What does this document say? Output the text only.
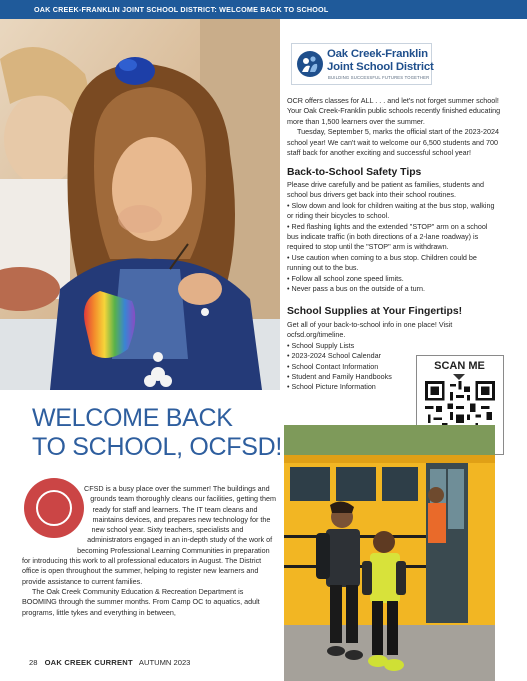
OAK CREEK-FRANKLIN JOINT SCHOOL DISTRICT: WELCOME BACK TO SCHOOL
Oak Creek-Franklin
Joint School District
BUILDING SUCCESSFUL FUTURES TOGETHER

OCR offers classes for ALL . . . and let's not forget summer school! Your Oak Creek-Franklin public schools recently finished educating more than 1,500 learners over the summer.

Tuesday, September 5, marks the official start of the 2023-2024 school year! We can't wait to welcome our 6,500 students and 700 staff back for another exciting and successful school year!

Back-to-School Safety Tips

Please drive carefully and be patient as families, students and school bus drivers get back into their school routines.

• Slow down and look for children waiting at the bus stop, walking or riding their bicycles to school.

• Red flashing lights and the extended "STOP" arm on a school bus indicate traffic (in both directions of a 2-lane roadway) is required to stop until the "STOP" arm is withdrawn.

• Use caution when coming to a bus stop. Children could be running out to the bus.

• Follow all school zone speed limits.

• Never pass a bus on the outside of a turn.

School Supplies at Your Fingertips!

Get all of your back-to-school info in one place! Visit ocfsd.org/timeline.

• School Supply Lists

• 2023-2024 School Calendar

• School Contact Information

• Student and Family Handbooks

• School Picture Information

SCAN ME
WELCOME BACK
TO SCHOOL, OCFSD!

CFSD is a busy place over the summer! The buildings and grounds team thoroughly cleans our facilities, getting them ready for staff and learners. The IT team cleans and maintains devices, and prepares new technology for the new school year. Sixty teachers, specialists and administrators engaged in an in-depth study of the work of becoming Professional Learning Communities in preparation for introducing this work to all professional educators in August. The District office is open throughout the summer, helping to register new learners and provide assistance to current families.

The Oak Creek Community Education & Recreation Department is BOOMING through the summer months. From Camp OC to aquatics, adult programs, little tykes and everything in between,

28 OAK CREEK CURRENT AUTUMN 2023
